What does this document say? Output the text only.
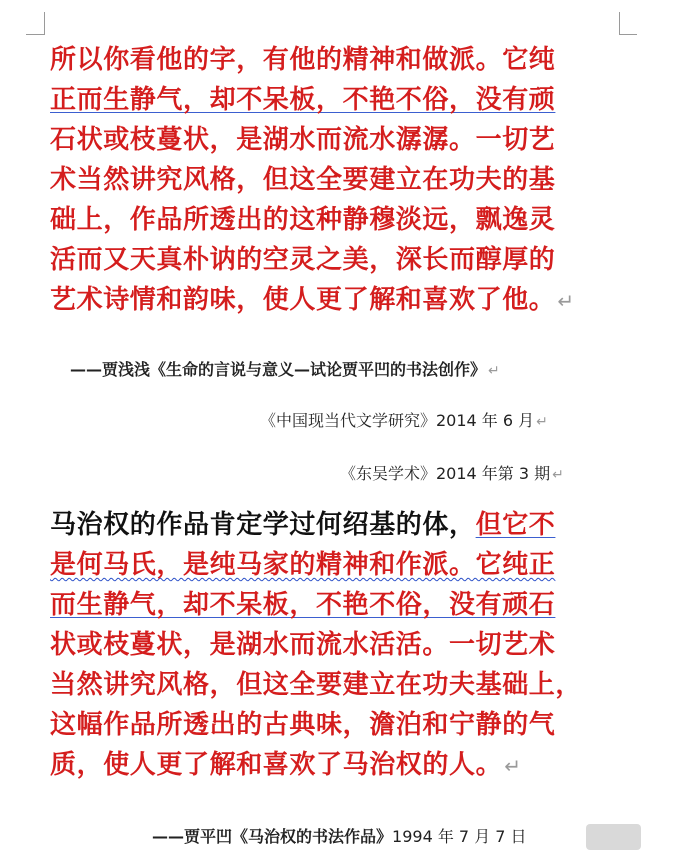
所以你看他的字，有他的精神和做派。它纯
正而生静气，却不呆板，不艳不俗，没有顽
石状或枝蔓状，是湖水而流水潺潺。一切艺
术当然讲究风格，但这全要建立在功夫的基
础上，作品所透出的这种静穆淡远，飘逸灵
活而又天真朴讷的空灵之美，深长而醇厚的
艺术诗情和韵味，使人更了解和喜欢了他。 ↵
——贾浅浅《生命的言说与意义—试论贾平凹的书法创作》 ↵
《中国现当代文学研究》2014 年 6 月 ↵
《东吴学术》2014 年第 3 期 ↵
马治权的作品肯定学过何绍基的体，但它不
是何马氏，是纯马家的精神和作派。它纯正
而生静气，却不呆板，不艳不俗，没有顽石
状或枝蔓状，是湖水而流水活活。一切艺术
当然讲究风格，但这全要建立在功夫基础上，
这幅作品所透出的古典味，澹泊和宁静的气
质，使人更了解和喜欢了马治权的人。 ↵
——贾平凹《马治权的书法作品》1994 年 7 月 7 日
